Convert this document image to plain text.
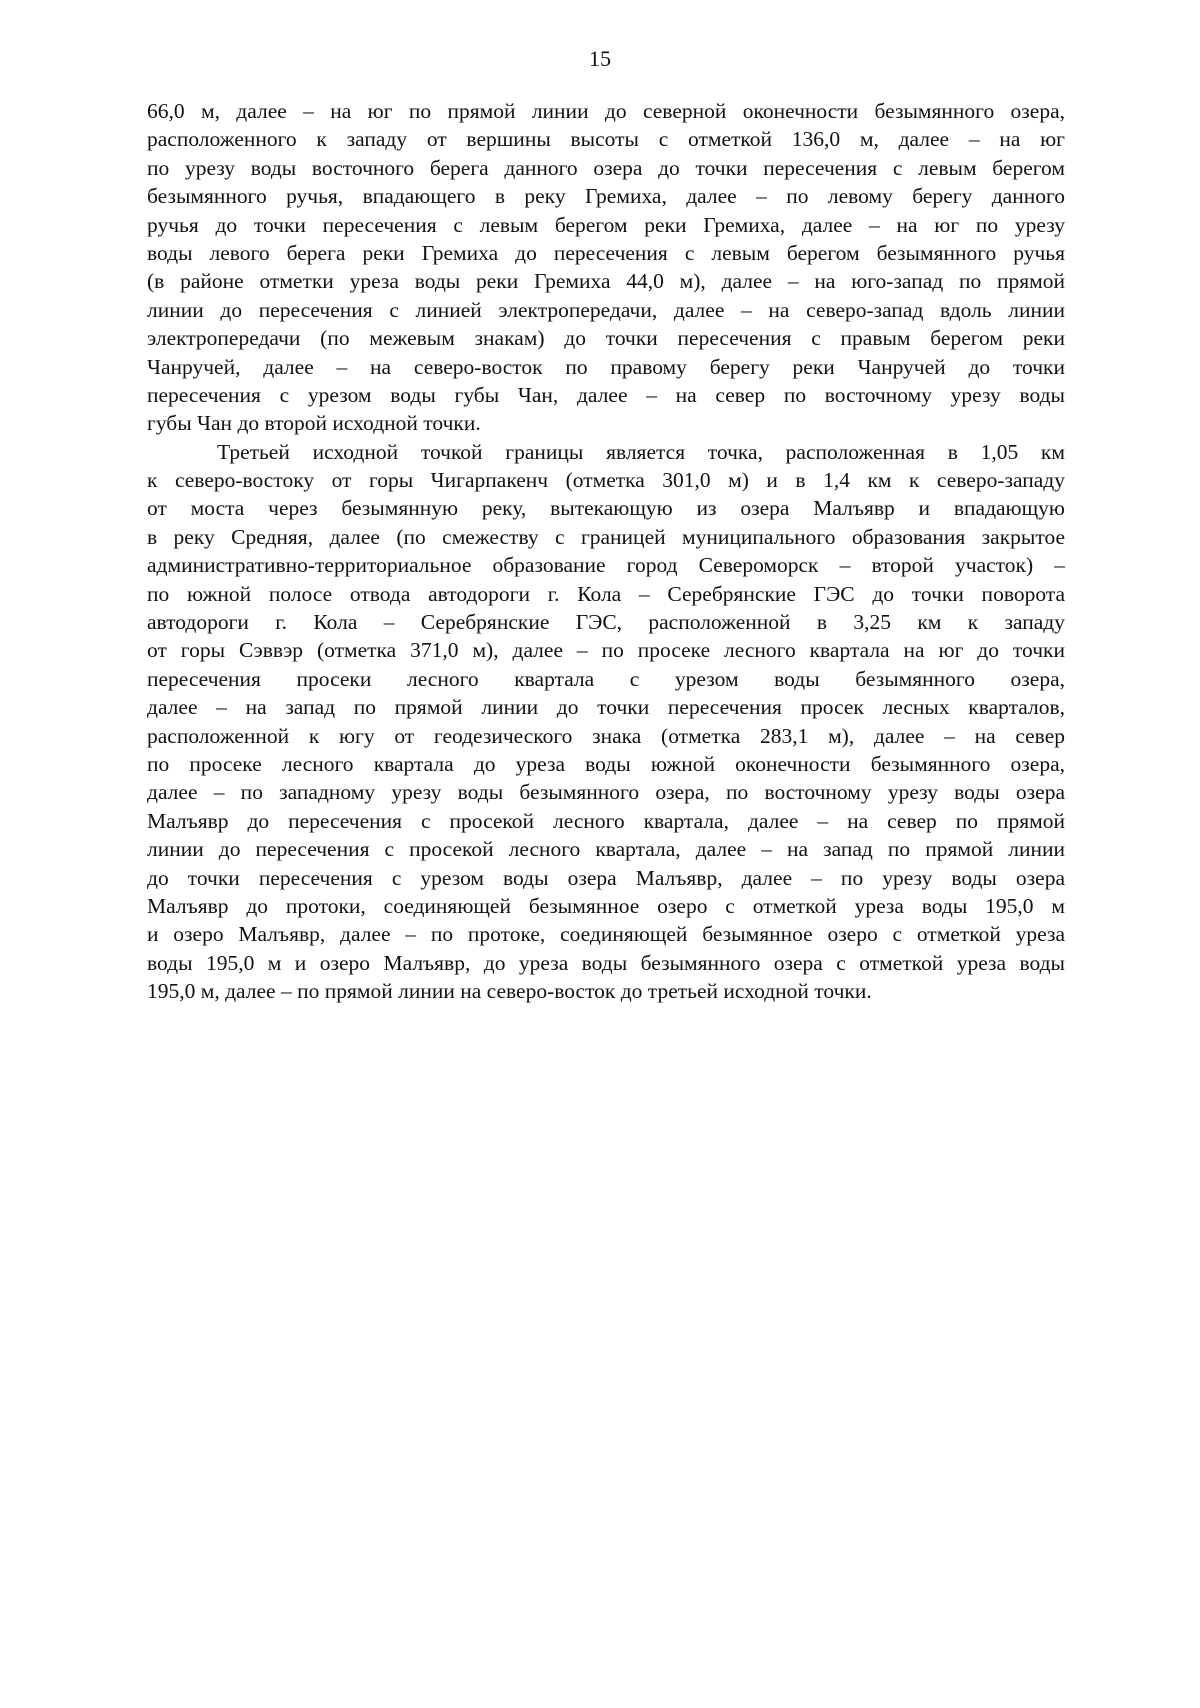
15
66,0 м, далее – на юг по прямой линии до северной оконечности безымянного озера,
расположенного к западу от вершины высоты с отметкой 136,0 м, далее – на юг
по урезу воды восточного берега данного озера до точки пересечения с левым берегом
безымянного ручья, впадающего в реку Гремиха, далее – по левому берегу данного
ручья до точки пересечения с левым берегом реки Гремиха, далее – на юг по урезу
воды левого берега реки Гремиха до пересечения с левым берегом безымянного ручья
(в районе отметки уреза воды реки Гремиха 44,0 м), далее – на юго-запад по прямой
линии до пересечения с линией электропередачи, далее – на северо-запад вдоль линии
электропередачи (по межевым знакам) до точки пересечения с правым берегом реки
Чанручей, далее – на северо-восток по правому берегу реки Чанручей до точки
пересечения с урезом воды губы Чан, далее – на север по восточному урезу воды
губы Чан до второй исходной точки.
Третьей исходной точкой границы является точка, расположенная в 1,05 км
к северо-востоку от горы Чигарпакенч (отметка 301,0 м) и в 1,4 км к северо-западу
от моста через безымянную реку, вытекающую из озера Малъявр и впадающую
в реку Средняя, далее (по смежеству с границей муниципального образования закрытое
административно-территориальное образование город Североморск – второй участок) –
по южной полосе отвода автодороги г. Кола – Серебрянские ГЭС до точки поворота
автодороги г. Кола – Серебрянские ГЭС, расположенной в 3,25 км к западу
от горы Сэввэр (отметка 371,0 м), далее – по просеке лесного квартала на юг до точки
пересечения просеки лесного квартала с урезом воды безымянного озера,
далее – на запад по прямой линии до точки пересечения просек лесных кварталов,
расположенной к югу от геодезического знака (отметка 283,1 м), далее – на север
по просеке лесного квартала до уреза воды южной оконечности безымянного озера,
далее – по западному урезу воды безымянного озера, по восточному урезу воды озера
Малъявр до пересечения с просекой лесного квартала, далее – на север по прямой
линии до пересечения с просекой лесного квартала, далее – на запад по прямой линии
до точки пересечения с урезом воды озера Малъявр, далее – по урезу воды озера
Малъявр до протоки, соединяющей безымянное озеро с отметкой уреза воды 195,0 м
и озеро Малъявр, далее – по протоке, соединяющей безымянное озеро с отметкой уреза
воды 195,0 м и озеро Малъявр, до уреза воды безымянного озера с отметкой уреза воды
195,0 м, далее – по прямой линии на северо-восток до третьей исходной точки.
